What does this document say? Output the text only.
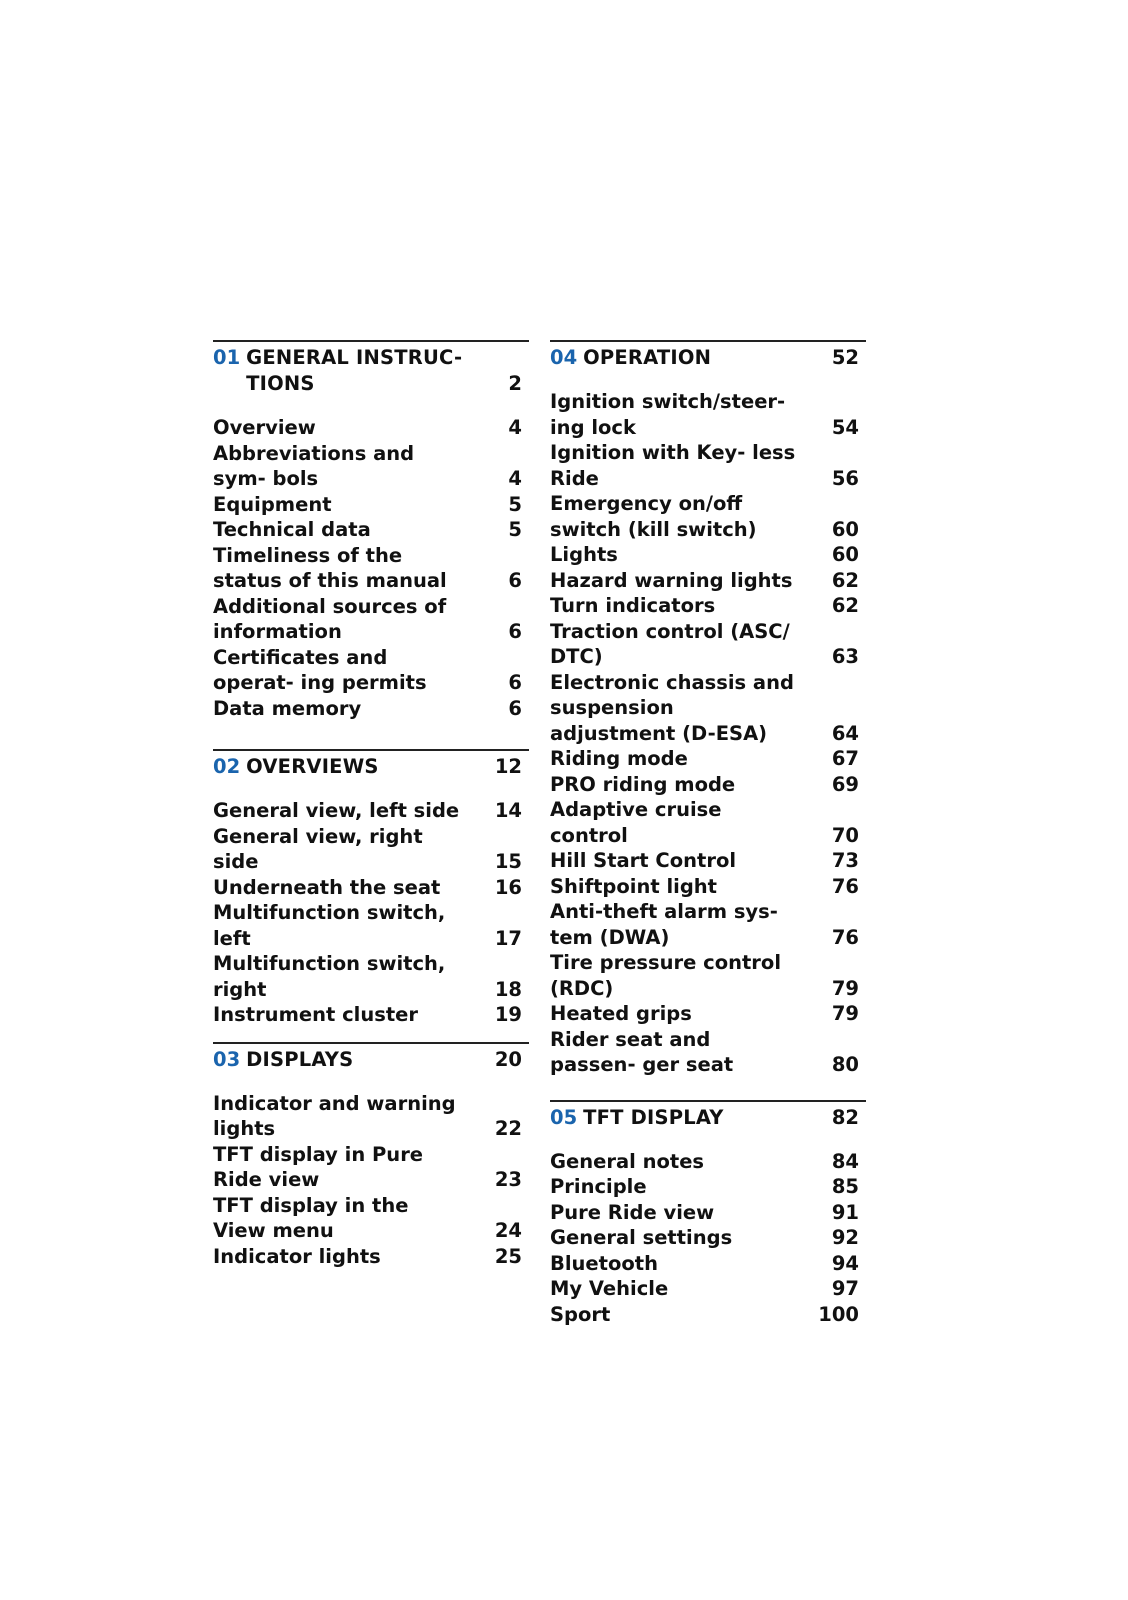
01 GENERAL INSTRUC- TIONS	2
Overview	4
Abbreviations and sym- bols	4
Equipment	5
Technical data	5
Timeliness of the status of this manual	6
Additional sources of information	6
Certificates and operat- ing permits	6
Data memory	6
02 OVERVIEWS	12
General view, left side	14
General view, right side	15
Underneath the seat	16
Multifunction switch, left	17
Multifunction switch, right	18
Instrument cluster	19
03 DISPLAYS	20
Indicator and warning lights	22
TFT display in Pure Ride view	23
TFT display in the View menu	24
Indicator lights	25
04 OPERATION	52
Ignition switch/steer- ing lock	54
Ignition with Key- less Ride	56
Emergency on/off switch (kill switch)	60
Lights	60
Hazard warning lights	62
Turn indicators	62
Traction control (ASC/ DTC)	63
Electronic chassis and suspension adjustment (D-ESA)	64
Riding mode	67
PRO riding mode	69
Adaptive cruise control	70
Hill Start Control	73
Shiftpoint light	76
Anti-theft alarm sys- tem (DWA)	76
Tire pressure control (RDC)	79
Heated grips	79
Rider seat and passen- ger seat	80
05 TFT DISPLAY	82
General notes	84
Principle	85
Pure Ride view	91
General settings	92
Bluetooth	94
My Vehicle	97
Sport	100
